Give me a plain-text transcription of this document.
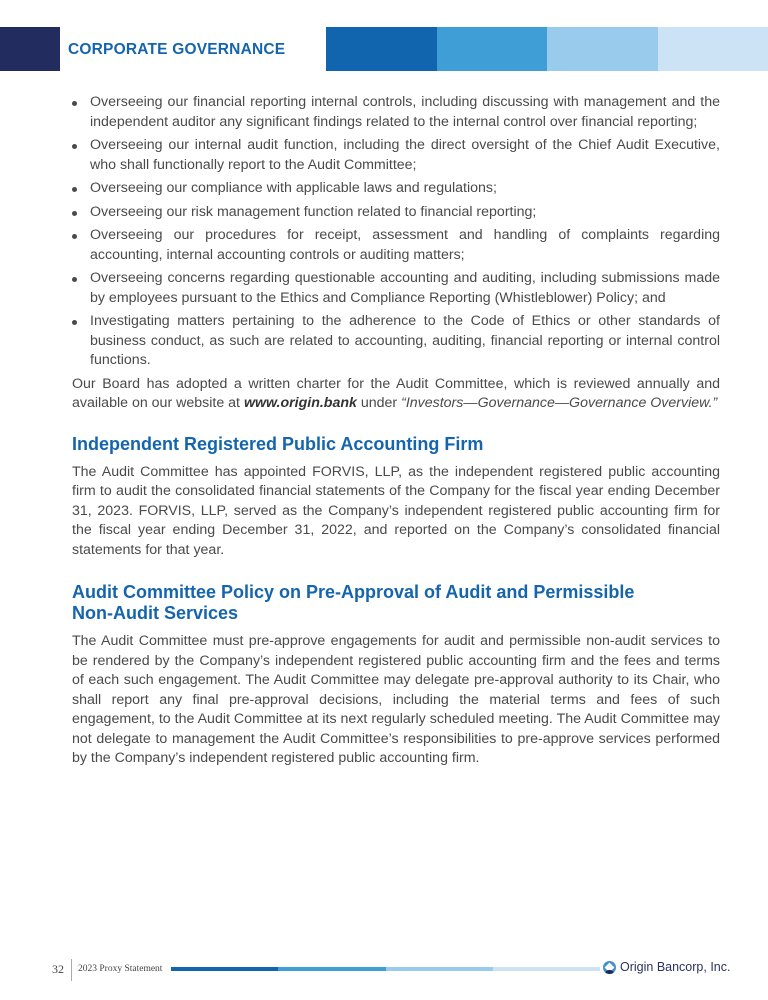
CORPORATE GOVERNANCE
Overseeing our financial reporting internal controls, including discussing with management and the independent auditor any significant findings related to the internal control over financial reporting;
Overseeing our internal audit function, including the direct oversight of the Chief Audit Executive, who shall functionally report to the Audit Committee;
Overseeing our compliance with applicable laws and regulations;
Overseeing our risk management function related to financial reporting;
Overseeing our procedures for receipt, assessment and handling of complaints regarding accounting, internal accounting controls or auditing matters;
Overseeing concerns regarding questionable accounting and auditing, including submissions made by employees pursuant to the Ethics and Compliance Reporting (Whistleblower) Policy; and
Investigating matters pertaining to the adherence to the Code of Ethics or other standards of business conduct, as such are related to accounting, auditing, financial reporting or internal control functions.

Our Board has adopted a written charter for the Audit Committee, which is reviewed annually and available on our website at www.origin.bank under “Investors—Governance—Governance Overview.”

Independent Registered Public Accounting Firm

The Audit Committee has appointed FORVIS, LLP, as the independent registered public accounting firm to audit the consolidated financial statements of the Company for the fiscal year ending December 31, 2023. FORVIS, LLP, served as the Company’s independent registered public accounting firm for the fiscal year ending December 31, 2022, and reported on the Company’s consolidated financial statements for that year.

Audit Committee Policy on Pre-Approval of Audit and Permissible Non-Audit Services

The Audit Committee must pre-approve engagements for audit and permissible non-audit services to be rendered by the Company’s independent registered public accounting firm and the fees and terms of each such engagement. The Audit Committee may delegate pre-approval authority to its Chair, who shall report any final pre-approval decisions, including the material terms and fees of such engagement, to the Audit Committee at its next regularly scheduled meeting. The Audit Committee may not delegate to management the Audit Committee’s responsibilities to pre-approve services performed by the Company’s independent registered public accounting firm.

32 2023 Proxy Statement	Origin Bancorp, Inc.
